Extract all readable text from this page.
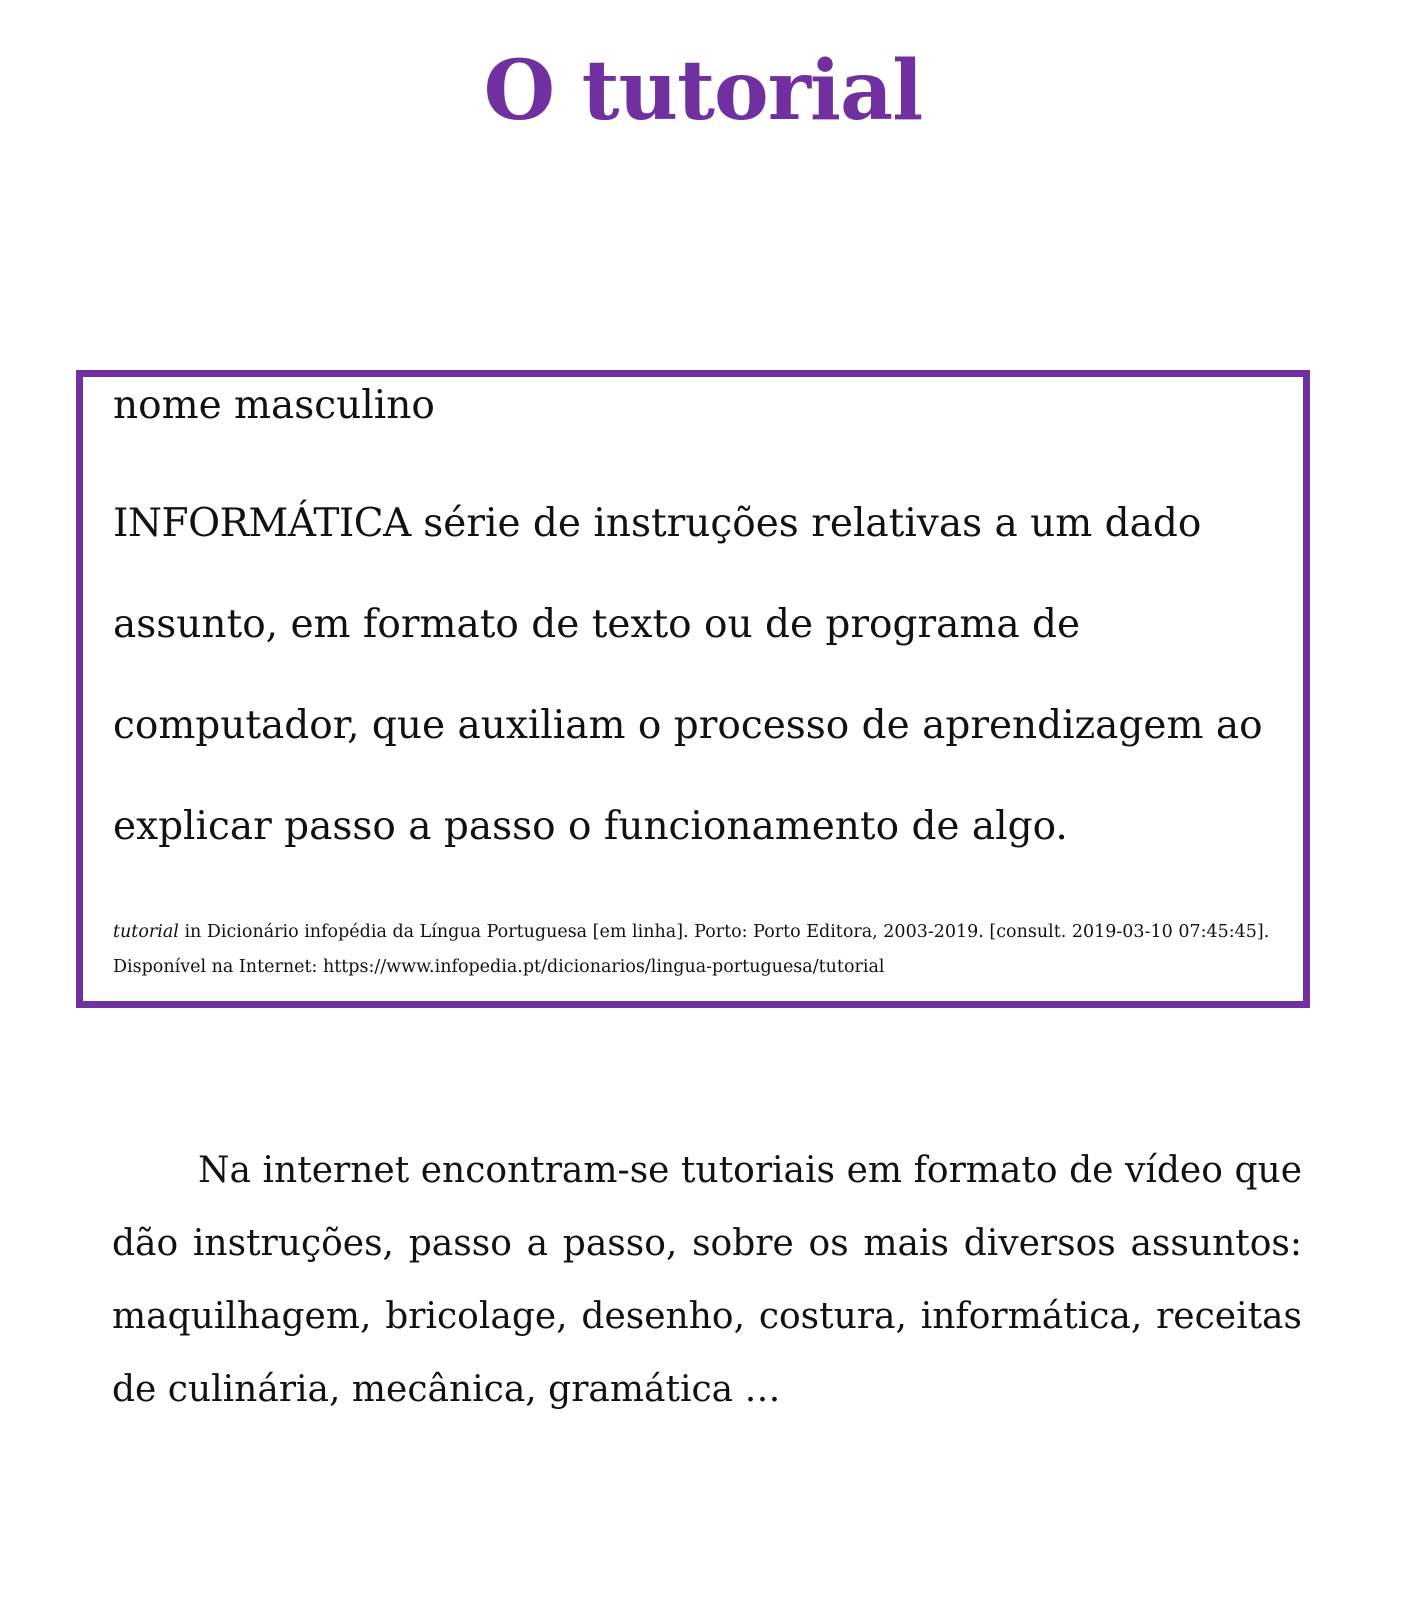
O tutorial
nome masculino
INFORMÁTICA série de instruções relativas a um dado assunto, em formato de texto ou de programa de computador, que auxiliam o processo de aprendizagem ao explicar passo a passo o funcionamento de algo.
tutorial in Dicionário infopédia da Língua Portuguesa [em linha]. Porto: Porto Editora, 2003-2019. [consult. 2019-03-10 07:45:45].
Disponível na Internet: https://www.infopedia.pt/dicionarios/lingua-portuguesa/tutorial

Na internet encontram-se tutoriais em formato de vídeo que dão instruções, passo a passo, sobre os mais diversos assuntos: maquilhagem, bricolage, desenho, costura, informática, receitas de culinária, mecânica, gramática …
